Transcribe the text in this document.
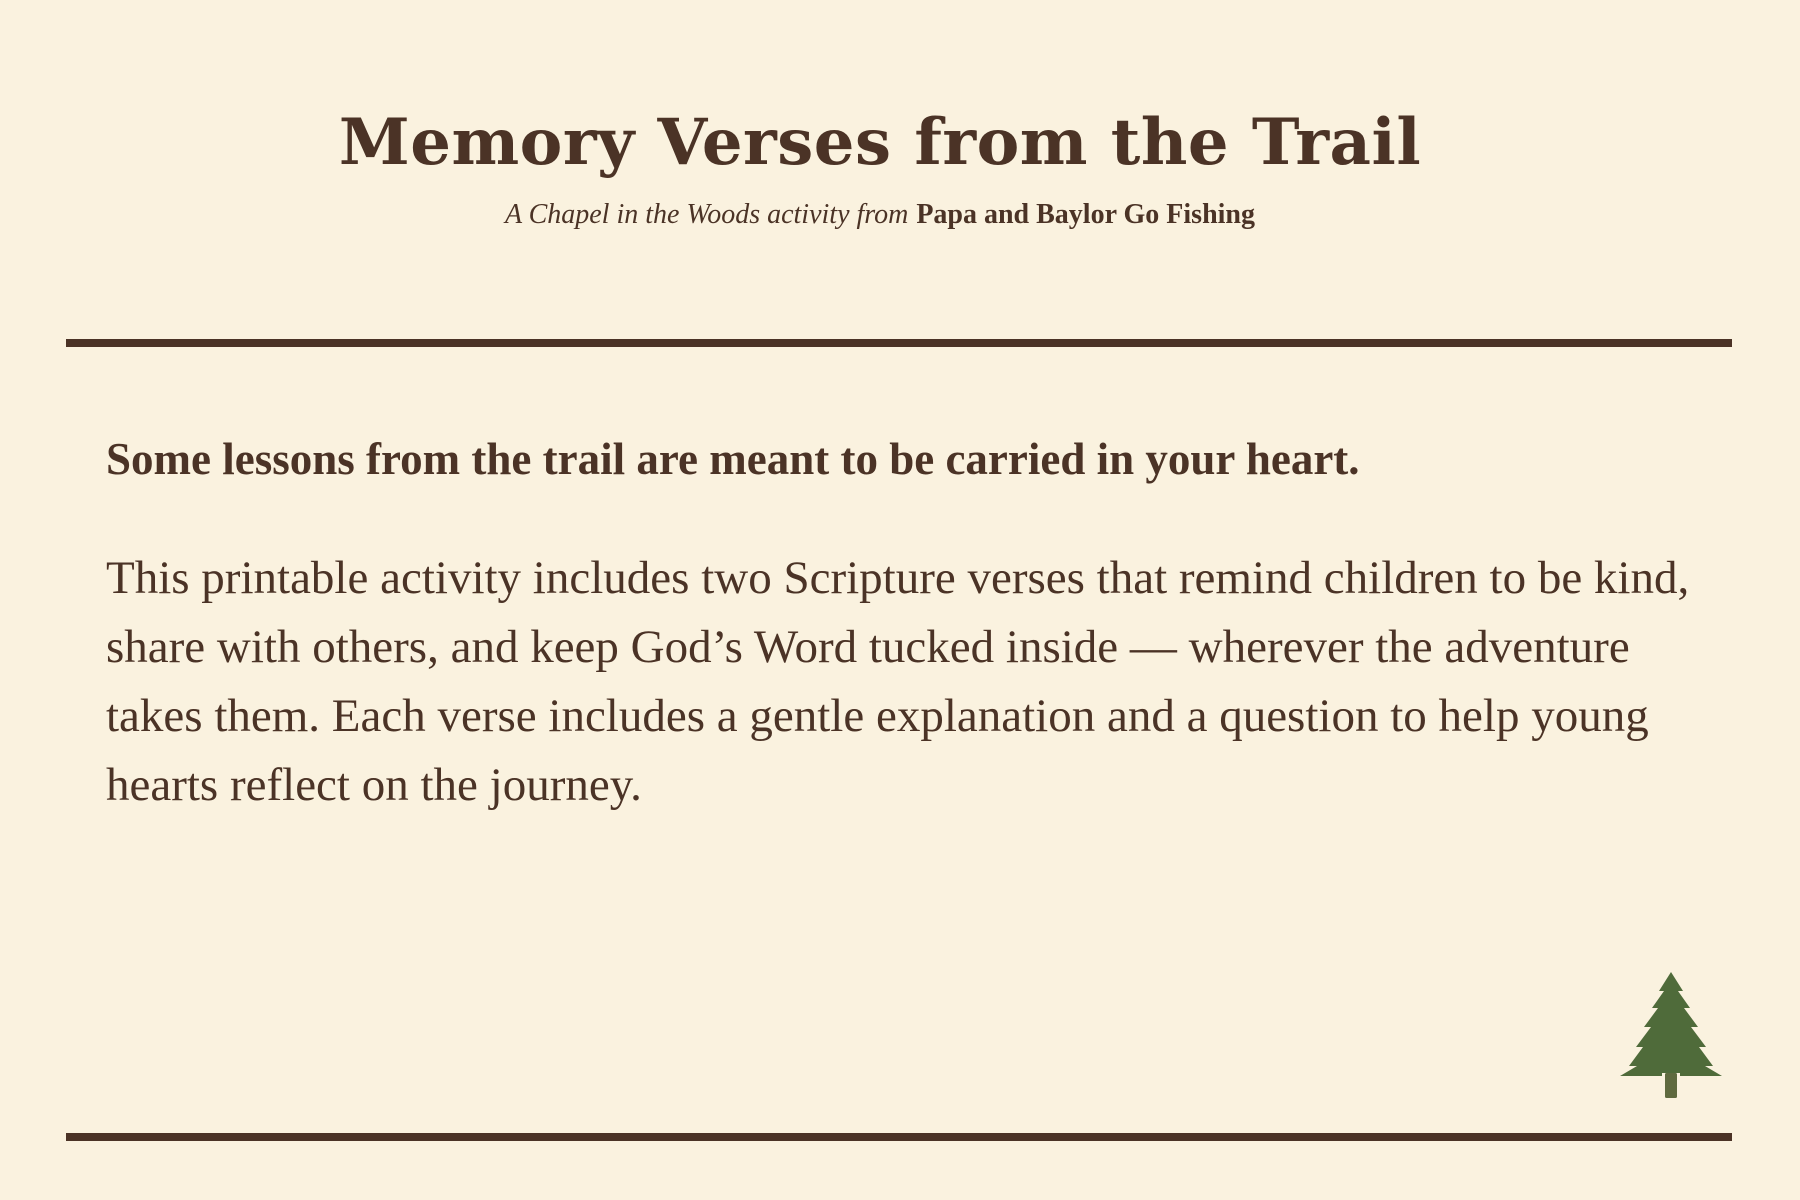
Memory Verses from the Trail
A Chapel in the Woods activity from Papa and Baylor Go Fishing

Some lessons from the trail are meant to be carried in your heart.

This printable activity includes two Scripture verses that remind children to be kind, share with others, and keep God’s Word tucked inside — wherever the adventure takes them. Each verse includes a gentle explanation and a question to help young hearts reflect on the journey.
